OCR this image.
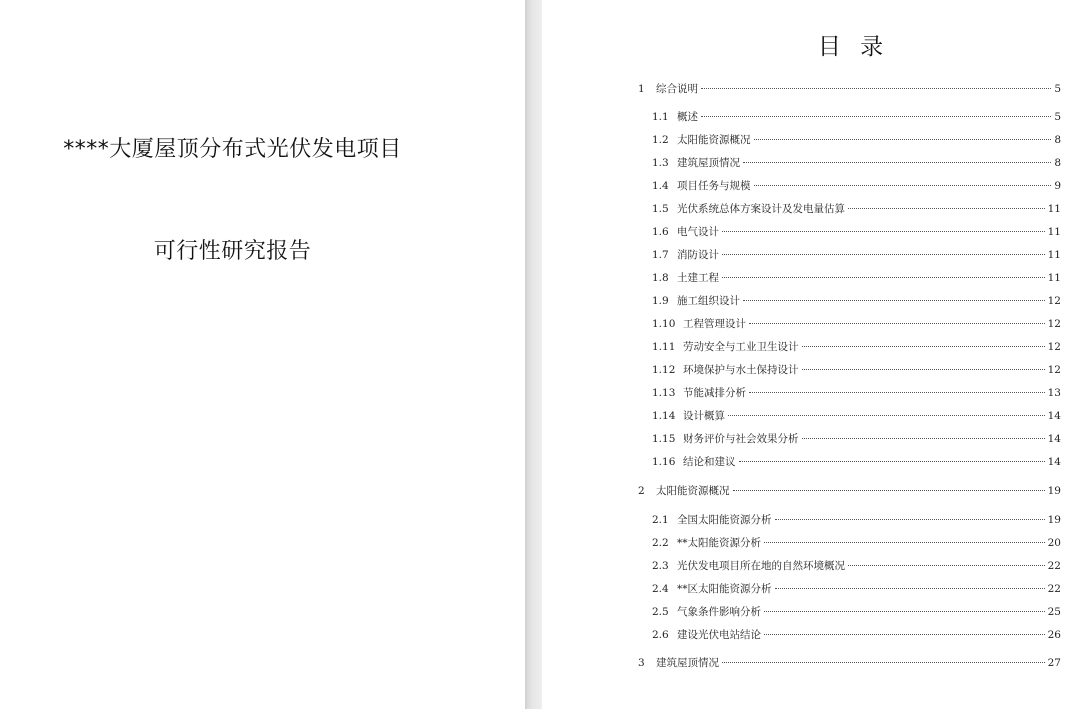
****大厦屋顶分布式光伏发电项目
可行性研究报告
目 录
1	综合说明	5
1.1 概述	5
1.2 太阳能资源概况	8
1.3 建筑屋顶情况	8
1.4 项目任务与规模	9
1.5 光伏系统总体方案设计及发电量估算	11
1.6 电气设计	11
1.7 消防设计	11
1.8 土建工程	11
1.9 施工组织设计	12
1.10 工程管理设计	12
1.11 劳动安全与工业卫生设计	12
1.12 环境保护与水土保持设计	12
1.13 节能减排分析	13
1.14 设计概算	14
1.15 财务评价与社会效果分析	14
1.16 结论和建议	14
2	太阳能资源概况	19
2.1 全国太阳能资源分析	19
2.2 **太阳能资源分析	20
2.3 光伏发电项目所在地的自然环境概况	22
2.4 **区太阳能资源分析	22
2.5 气象条件影响分析	25
2.6 建设光伏电站结论	26
3	建筑屋顶情况	27
